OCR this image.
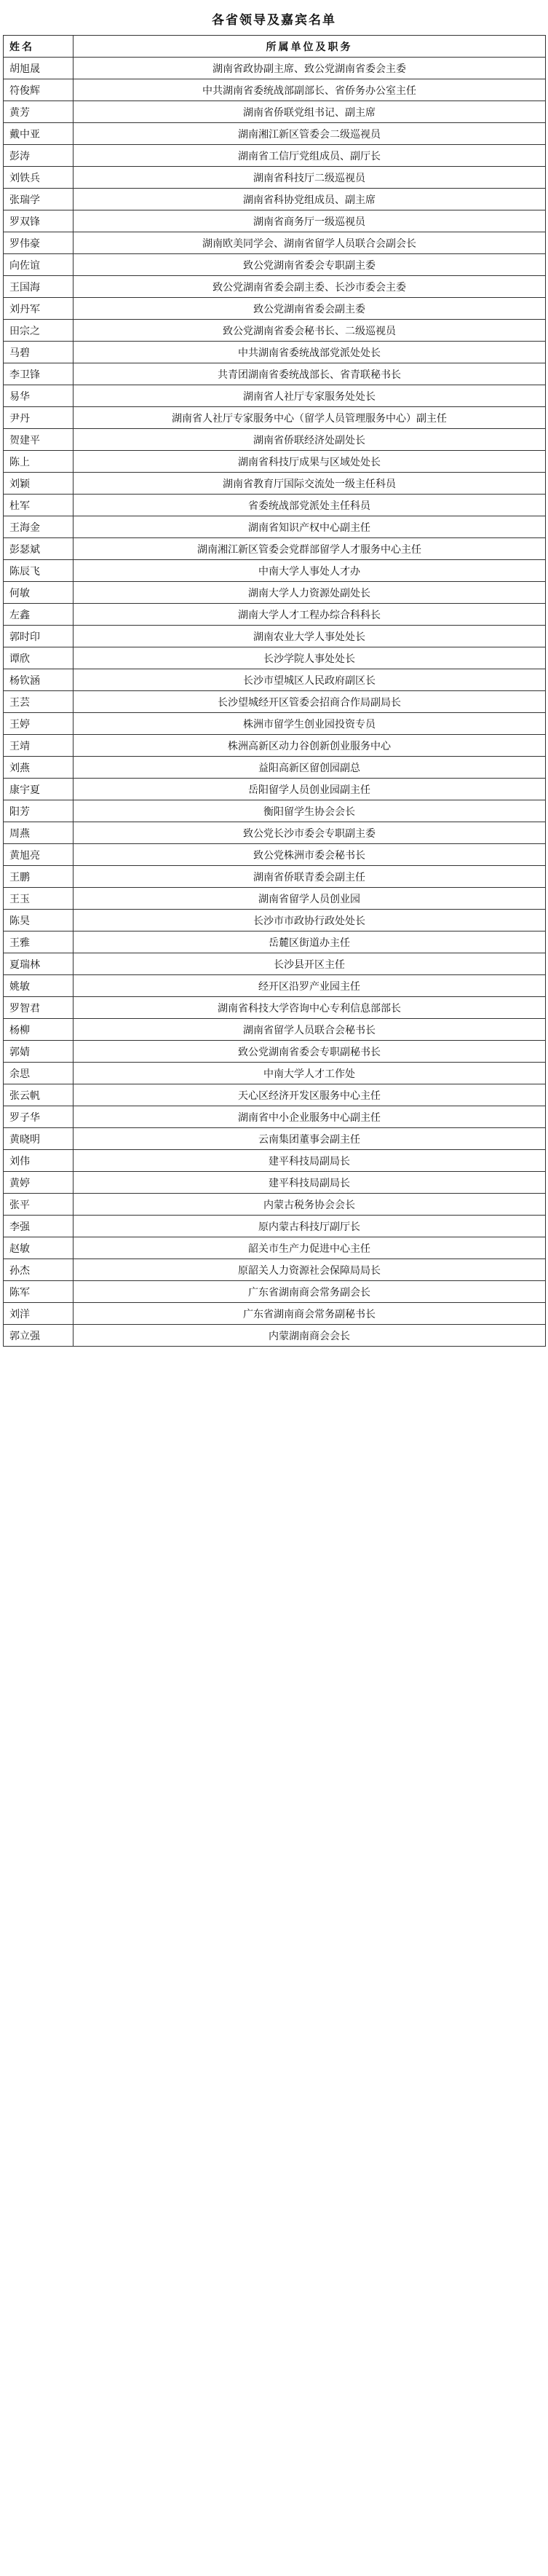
各省领导及嘉宾名单
姓名	所属单位及职务
胡旭晟	湖南省政协副主席、致公党湖南省委会主委
符俊辉	中共湖南省委统战部副部长、省侨务办公室主任
黄芳	湖南省侨联党组书记、副主席
戴中亚	湖南湘江新区管委会二级巡视员
彭涛	湖南省工信厅党组成员、副厅长
刘铁兵	湖南省科技厅二级巡视员
张瑞学	湖南省科协党组成员、副主席
罗双锋	湖南省商务厅一级巡视员
罗伟豪	湖南欧美同学会、湖南省留学人员联合会副会长
向佐谊	致公党湖南省委会专职副主委
王国海	致公党湖南省委会副主委、长沙市委会主委
刘丹军	致公党湖南省委会副主委
田宗之	致公党湖南省委会秘书长、二级巡视员
马碧	中共湖南省委统战部党派处处长
李卫锋	共青团湖南省委统战部长、省青联秘书长
易华	湖南省人社厅专家服务处处长
尹丹	湖南省人社厅专家服务中心（留学人员管理服务中心）副主任
贺建平	湖南省侨联经济处副处长
陈上	湖南省科技厅成果与区域处处长
刘颖	湖南省教育厅国际交流处一级主任科员
杜军	省委统战部党派处主任科员
王海金	湖南省知识产权中心副主任
彭瑟斌	湖南湘江新区管委会党群部留学人才服务中心主任
陈辰飞	中南大学人事处人才办
何敏	湖南大学人力资源处副处长
左鑫	湖南大学人才工程办综合科科长
郭时印	湖南农业大学人事处处长
谭欣	长沙学院人事处处长
杨钦涵	长沙市望城区人民政府副区长
王芸	长沙望城经开区管委会招商合作局副局长
王婷	株洲市留学生创业园投资专员
王靖	株洲高新区动力谷创新创业服务中心
刘燕	益阳高新区留创园副总
康宇夏	岳阳留学人员创业园副主任
阳芳	衡阳留学生协会会长
周燕	致公党长沙市委会专职副主委
黄旭亮	致公党株洲市委会秘书长
王鹏	湖南省侨联青委会副主任
王玉	湖南省留学人员创业园
陈昊	长沙市市政协行政处处长
王雅	岳麓区街道办主任
夏瑞林	长沙县开区主任
姚敏	经开区沿罗产业园主任
罗智君	湖南省科技大学咨询中心专利信息部部长
杨柳	湖南省留学人员联合会秘书长
郭婧	致公党湖南省委会专职副秘书长
余思	中南大学人才工作处
张云帆	天心区经济开发区服务中心主任
罗子华	湖南省中小企业服务中心副主任
黄晓明	云南集团董事会副主任
刘伟	建平科技局副局长
黄婷	建平科技局副局长
张平	内蒙古税务协会会长
李强	原内蒙古科技厅副厅长
赵敏	韶关市生产力促进中心主任
孙杰	原韶关人力资源社会保障局局长
陈军	广东省湖南商会常务副会长
刘洋	广东省湖南商会常务副秘书长
郭立强	内蒙湖南商会会长
